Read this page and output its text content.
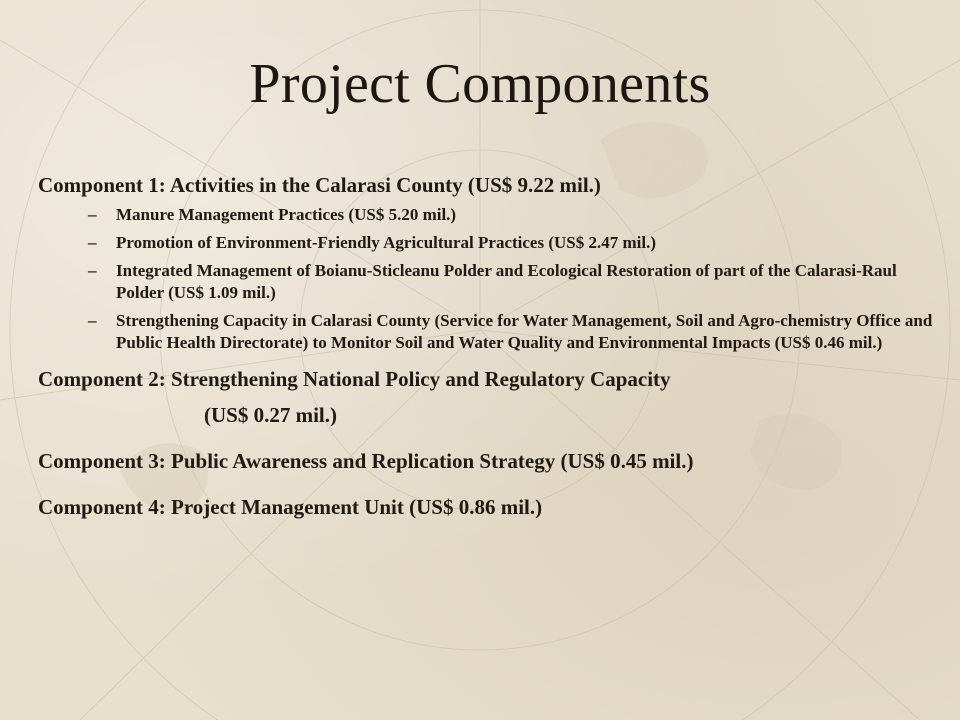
Project Components
Component 1: Activities in the Calarasi County (US$ 9.22 mil.)
– Manure Management Practices (US$ 5.20 mil.)
– Promotion of Environment-Friendly Agricultural Practices (US$ 2.47 mil.)
– Integrated Management of Boianu-Sticleanu Polder and Ecological Restoration of part of the Calarasi-Raul Polder (US$ 1.09 mil.)
– Strengthening Capacity in Calarasi County (Service for Water Management, Soil and Agro-chemistry Office and Public Health Directorate) to Monitor Soil and Water Quality and Environmental Impacts (US$ 0.46 mil.)
Component 2: Strengthening National Policy and Regulatory Capacity
(US$ 0.27 mil.)
Component 3: Public Awareness and Replication Strategy (US$ 0.45 mil.)
Component 4: Project Management Unit (US$ 0.86 mil.)
